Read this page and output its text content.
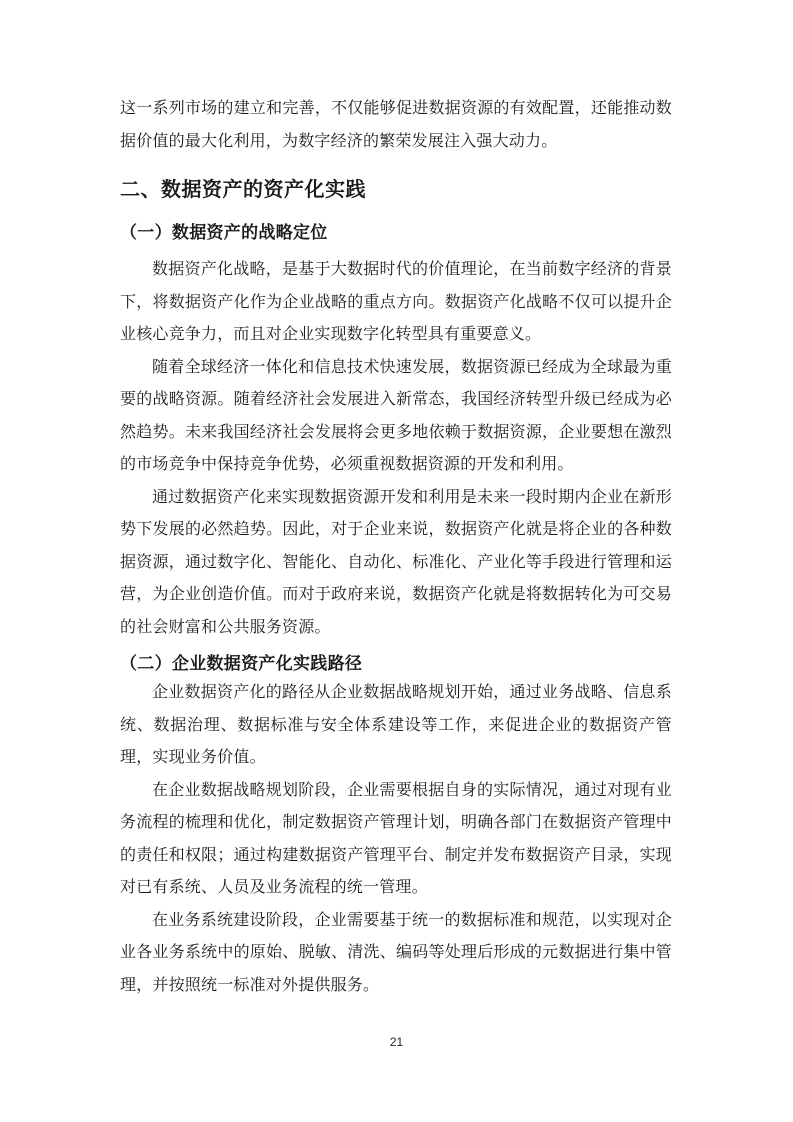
这一系列市场的建立和完善，不仅能够促进数据资源的有效配置，还能推动数据价值的最大化利用，为数字经济的繁荣发展注入强大动力。

二、数据资产的资产化实践
（一）数据资产的战略定位

数据资产化战略，是基于大数据时代的价值理论，在当前数字经济的背景下，将数据资产化作为企业战略的重点方向。数据资产化战略不仅可以提升企业核心竞争力，而且对企业实现数字化转型具有重要意义。

随着全球经济一体化和信息技术快速发展，数据资源已经成为全球最为重要的战略资源。随着经济社会发展进入新常态，我国经济转型升级已经成为必然趋势。未来我国经济社会发展将会更多地依赖于数据资源，企业要想在激烈的市场竞争中保持竞争优势，必须重视数据资源的开发和利用。

通过数据资产化来实现数据资源开发和利用是未来一段时期内企业在新形势下发展的必然趋势。因此，对于企业来说，数据资产化就是将企业的各种数据资源，通过数字化、智能化、自动化、标准化、产业化等手段进行管理和运营，为企业创造价值。而对于政府来说，数据资产化就是将数据转化为可交易的社会财富和公共服务资源。

（二）企业数据资产化实践路径

企业数据资产化的路径从企业数据战略规划开始，通过业务战略、信息系统、数据治理、数据标准与安全体系建设等工作，来促进企业的数据资产管理，实现业务价值。

在企业数据战略规划阶段，企业需要根据自身的实际情况，通过对现有业务流程的梳理和优化，制定数据资产管理计划，明确各部门在数据资产管理中的责任和权限；通过构建数据资产管理平台、制定并发布数据资产目录，实现对已有系统、人员及业务流程的统一管理。

在业务系统建设阶段，企业需要基于统一的数据标准和规范，以实现对企业各业务系统中的原始、脱敏、清洗、编码等处理后形成的元数据进行集中管理，并按照统一标准对外提供服务。

21
